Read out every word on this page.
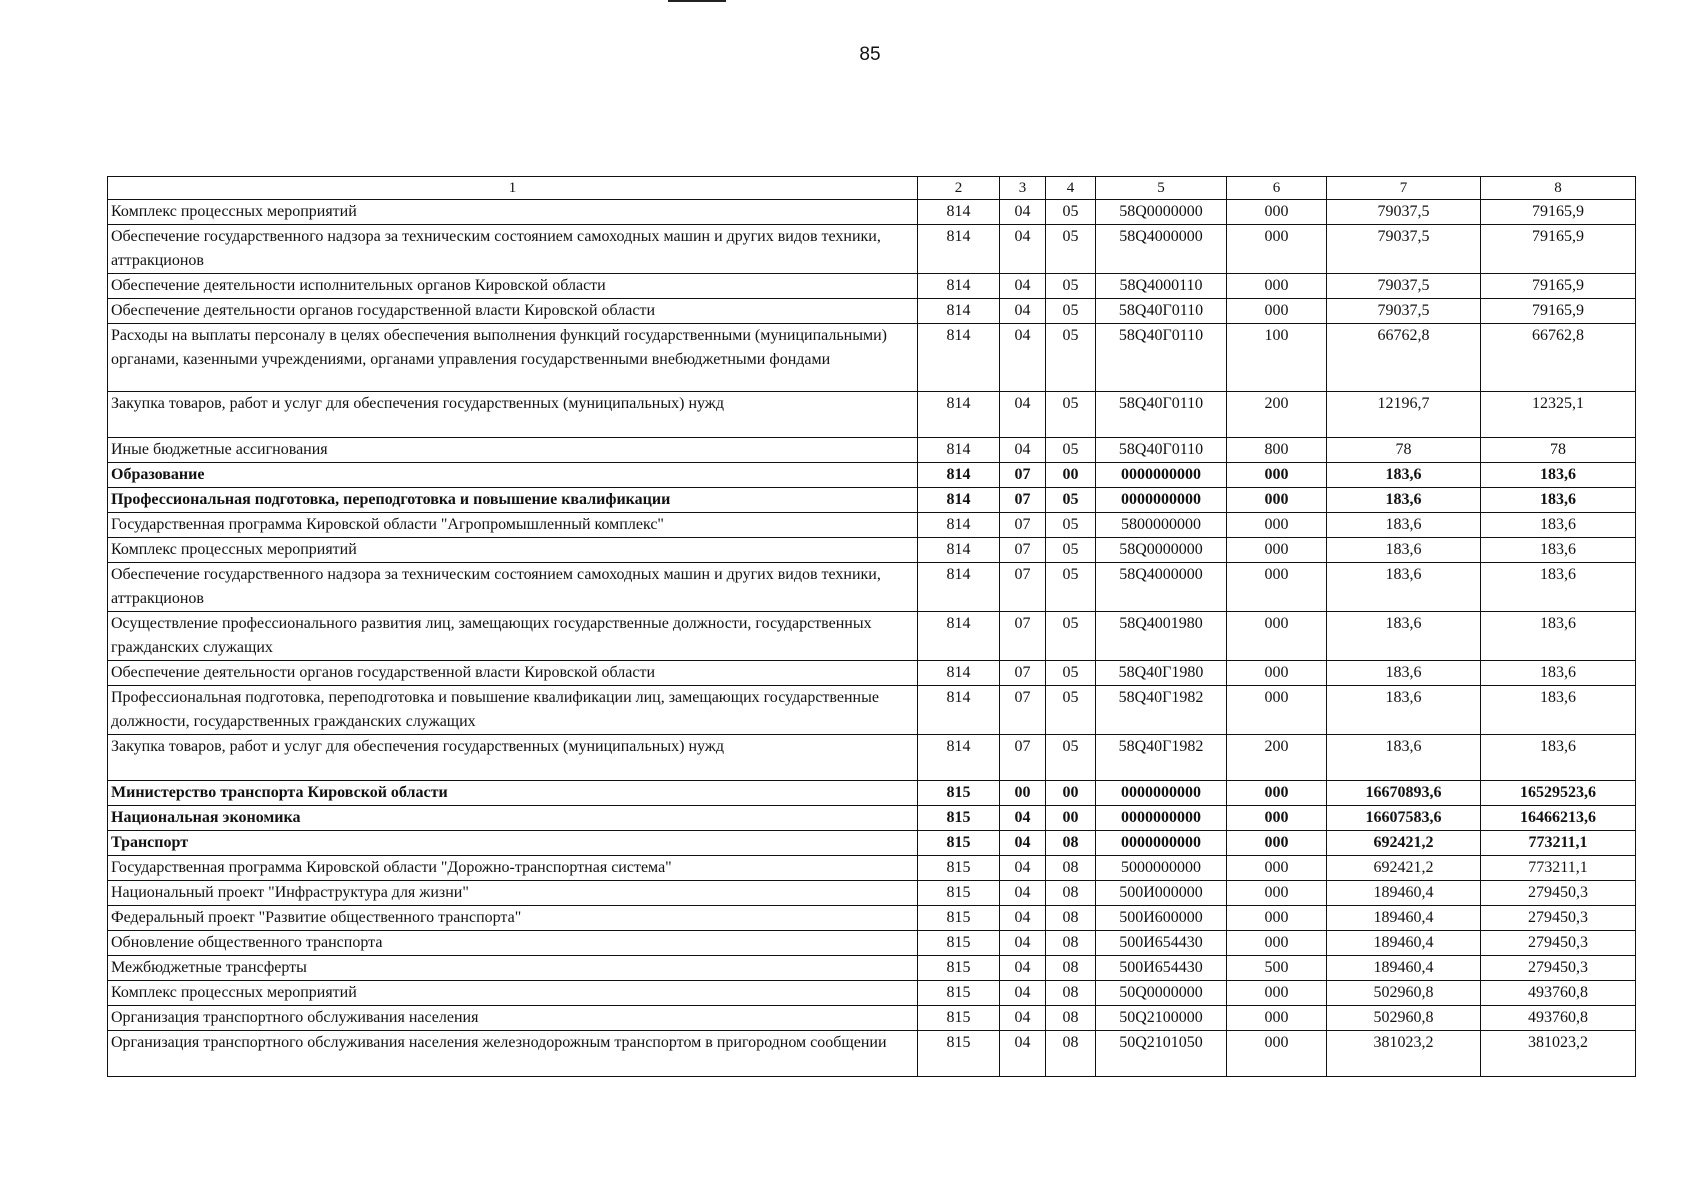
85
1	2	3	4	5	6	7	8
Комплекс процессных мероприятий	814	04	05	58Q0000000	000	79037,5	79165,9
Обеспечение государственного надзора за техническим состоянием самоходных машин и других видов техники, аттракционов	814	04	05	58Q4000000	000	79037,5	79165,9
Обеспечение деятельности исполнительных органов Кировской области	814	04	05	58Q4000110	000	79037,5	79165,9
Обеспечение деятельности органов государственной власти Кировской области	814	04	05	58Q40Г0110	000	79037,5	79165,9
Расходы на выплаты персоналу в целях обеспечения выполнения функций государственными (муниципальными) органами, казенными учреждениями, органами управления государственными внебюджетными фондами	814	04	05	58Q40Г0110	100	66762,8	66762,8
Закупка товаров, работ и услуг для обеспечения государственных (муниципальных) нужд	814	04	05	58Q40Г0110	200	12196,7	12325,1
Иные бюджетные ассигнования	814	04	05	58Q40Г0110	800	78	78
Образование	814	07	00	0000000000	000	183,6	183,6
Профессиональная подготовка, переподготовка и повышение квалификации	814	07	05	0000000000	000	183,6	183,6
Государственная программа Кировской области "Агропромышленный комплекс"	814	07	05	5800000000	000	183,6	183,6
Комплекс процессных мероприятий	814	07	05	58Q0000000	000	183,6	183,6
Обеспечение государственного надзора за техническим состоянием самоходных машин и других видов техники, аттракционов	814	07	05	58Q4000000	000	183,6	183,6
Осуществление профессионального развития лиц, замещающих государственные должности, государственных гражданских служащих	814	07	05	58Q4001980	000	183,6	183,6
Обеспечение деятельности органов государственной власти Кировской области	814	07	05	58Q40Г1980	000	183,6	183,6
Профессиональная подготовка, переподготовка и повышение квалификации лиц, замещающих государственные должности, государственных гражданских служащих	814	07	05	58Q40Г1982	000	183,6	183,6
Закупка товаров, работ и услуг для обеспечения государственных (муниципальных) нужд	814	07	05	58Q40Г1982	200	183,6	183,6
Министерство транспорта Кировской области	815	00	00	0000000000	000	16670893,6	16529523,6
Национальная экономика	815	04	00	0000000000	000	16607583,6	16466213,6
Транспорт	815	04	08	0000000000	000	692421,2	773211,1
Государственная программа Кировской области "Дорожно-транспортная система"	815	04	08	5000000000	000	692421,2	773211,1
Национальный проект "Инфраструктура для жизни"	815	04	08	500И000000	000	189460,4	279450,3
Федеральный проект "Развитие общественного транспорта"	815	04	08	500И600000	000	189460,4	279450,3
Обновление общественного транспорта	815	04	08	500И654430	000	189460,4	279450,3
Межбюджетные трансферты	815	04	08	500И654430	500	189460,4	279450,3
Комплекс процессных мероприятий	815	04	08	50Q0000000	000	502960,8	493760,8
Организация транспортного обслуживания населения	815	04	08	50Q2100000	000	502960,8	493760,8
Организация транспортного обслуживания населения железнодорожным транспортом в пригородном сообщении	815	04	08	50Q2101050	000	381023,2	381023,2
